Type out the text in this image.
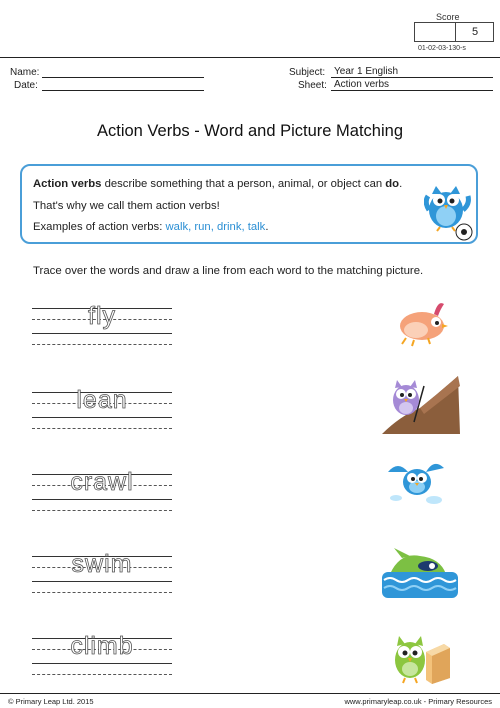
Score
5
01-02-03-130-s
Name:
Date:
Subject: Year 1 English
Sheet: Action verbs
Action Verbs - Word and Picture Matching
Action verbs describe something that a person, animal, or object can do.
That's why we call them action verbs!
Examples of action verbs: walk, run, drink, talk.
Trace over the words and draw a line from each word to the matching picture.
fly
lean
crawl
swim
climb
© Primary Leap Ltd. 2015	www.primaryleap.co.uk - Primary Resources
